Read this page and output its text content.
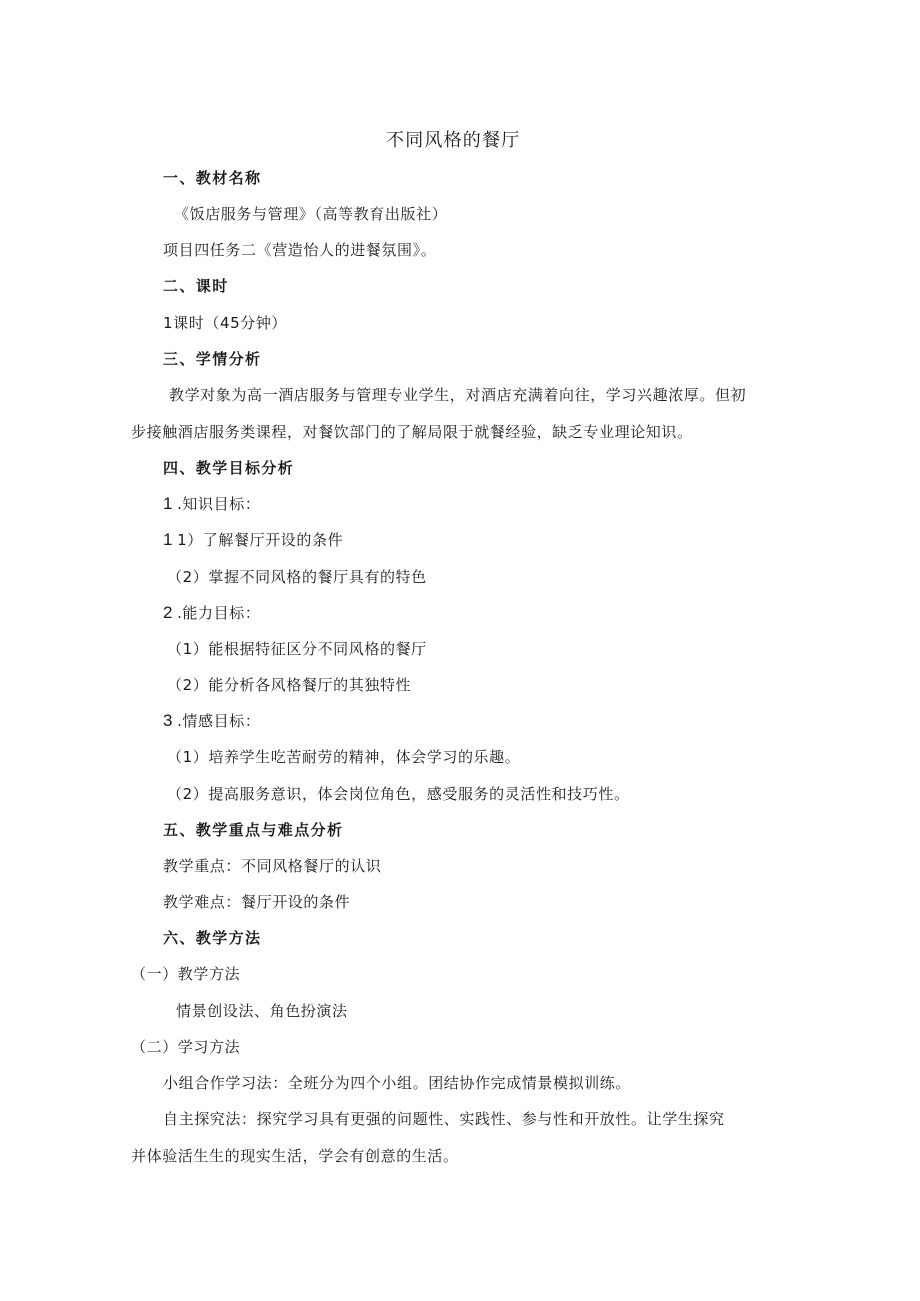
不同风格的餐厅
一、教材名称
《饭店服务与管理》（高等教育出版社）
项目四任务二《营造怡人的进餐氛围》。
二、课时
1课时（45分钟）
三、学情分析
教学对象为高一酒店服务与管理专业学生，对酒店充满着向往，学习兴趣浓厚。但初
步接触酒店服务类课程，对餐饮部门的了解局限于就餐经验，缺乏专业理论知识。
四、教学目标分析
1 .知识目标：
1 1）了解餐厅开设的条件
（2）掌握不同风格的餐厅具有的特色
2 .能力目标：
（1）能根据特征区分不同风格的餐厅
（2）能分析各风格餐厅的其独特性
3 .情感目标：
（1）培养学生吃苦耐劳的精神，体会学习的乐趣。
（2）提高服务意识，体会岗位角色，感受服务的灵活性和技巧性。
五、教学重点与难点分析
教学重点：不同风格餐厅的认识
教学难点：餐厅开设的条件
六、教学方法
（一）教学方法
情景创设法、角色扮演法
（二）学习方法
小组合作学习法：全班分为四个小组。团结协作完成情景模拟训练。
自主探究法：探究学习具有更强的问题性、实践性、参与性和开放性。让学生探究
并体验活生生的现实生活，学会有创意的生活。
